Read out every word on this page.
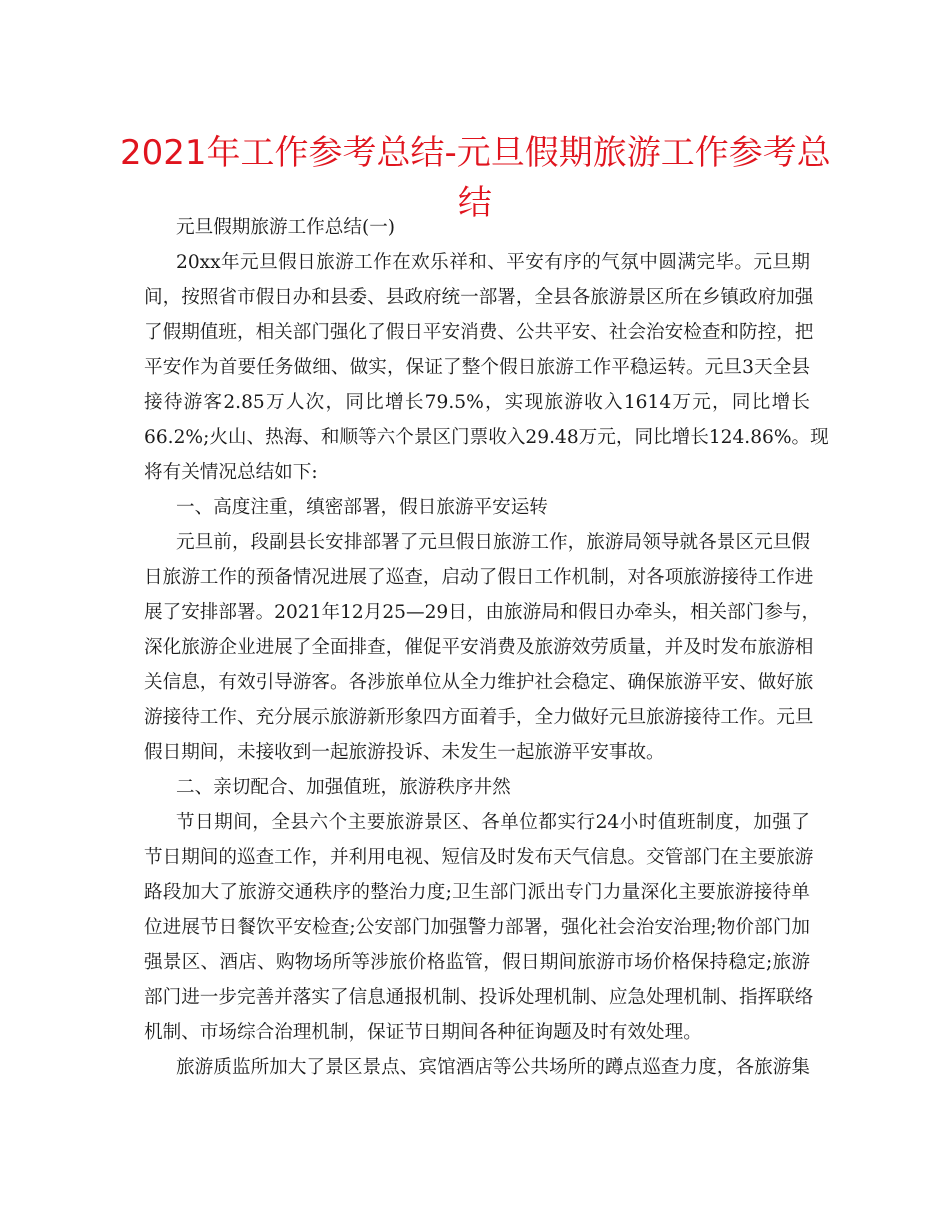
2021年工作参考总结-元旦假期旅游工作参考总
结
元旦假期旅游工作总结(一)
20xx年元旦假日旅游工作在欢乐祥和、平安有序的气氛中圆满完毕。元旦期
间，按照省市假日办和县委、县政府统一部署，全县各旅游景区所在乡镇政府加强
了假期值班，相关部门强化了假日平安消费、公共平安、社会治安检查和防控，把
平安作为首要任务做细、做实，保证了整个假日旅游工作平稳运转。元旦3天全县
接待游客2.85万人次，同比增长79.5%，实现旅游收入1614万元，同比增长
66.2%;火山、热海、和顺等六个景区门票收入29.48万元，同比增长124.86%。现
将有关情况总结如下:
一、高度注重，缜密部署，假日旅游平安运转
元旦前，段副县长安排部署了元旦假日旅游工作，旅游局领导就各景区元旦假
日旅游工作的预备情况进展了巡查，启动了假日工作机制，对各项旅游接待工作进
展了安排部署。2021年12月25—29日，由旅游局和假日办牵头，相关部门参与，
深化旅游企业进展了全面排查，催促平安消费及旅游效劳质量，并及时发布旅游相
关信息，有效引导游客。各涉旅单位从全力维护社会稳定、确保旅游平安、做好旅
游接待工作、充分展示旅游新形象四方面着手，全力做好元旦旅游接待工作。元旦
假日期间，未接收到一起旅游投诉、未发生一起旅游平安事故。
二、亲切配合、加强值班，旅游秩序井然
节日期间，全县六个主要旅游景区、各单位都实行24小时值班制度，加强了
节日期间的巡查工作，并利用电视、短信及时发布天气信息。交管部门在主要旅游
路段加大了旅游交通秩序的整治力度;卫生部门派出专门力量深化主要旅游接待单
位进展节日餐饮平安检查;公安部门加强警力部署，强化社会治安治理;物价部门加
强景区、酒店、购物场所等涉旅价格监管，假日期间旅游市场价格保持稳定;旅游
部门进一步完善并落实了信息通报机制、投诉处理机制、应急处理机制、指挥联络
机制、市场综合治理机制，保证节日期间各种征询题及时有效处理。
旅游质监所加大了景区景点、宾馆酒店等公共场所的蹲点巡查力度，各旅游集
